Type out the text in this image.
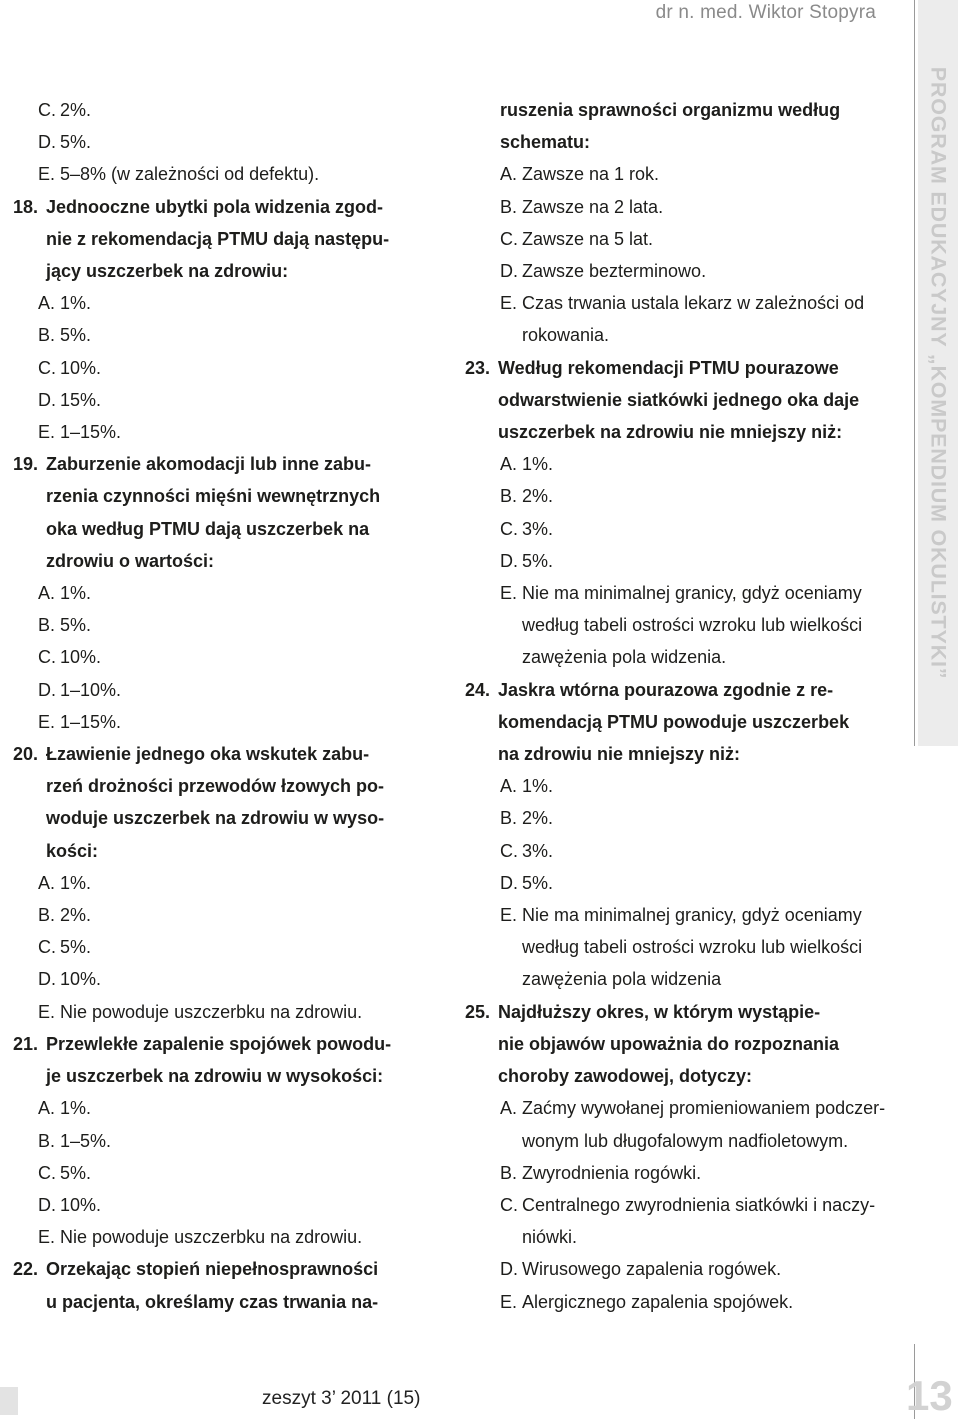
dr n. med. Wiktor Stopyra
PROGRAM EDUKACYJNY „KOMPENDIUM OKULISTYKI”
C. 2%.
D. 5%.
E. 5–8% (w zależności od defektu).
18. Jednooczne ubytki pola widzenia zgod-
nie z rekomendacją PTMU dają następu-
jący uszczerbek na zdrowiu:
A. 1%.
B. 5%.
C. 10%.
D. 15%.
E. 1–15%.
19. Zaburzenie akomodacji lub inne zabu-
rzenia czynności mięśni wewnętrznych
oka według PTMU dają uszczerbek na
zdrowiu o wartości:
A. 1%.
B. 5%.
C. 10%.
D. 1–10%.
E. 1–15%.
20. Łzawienie jednego oka wskutek zabu-
rzeń drożności przewodów łzowych po-
woduje uszczerbek na zdrowiu w wyso-
kości:
A. 1%.
B. 2%.
C. 5%.
D. 10%.
E. Nie powoduje uszczerbku na zdrowiu.
21. Przewlekłe zapalenie spojówek powodu-
je uszczerbek na zdrowiu w wysokości:
A. 1%.
B. 1–5%.
C. 5%.
D. 10%.
E. Nie powoduje uszczerbku na zdrowiu.
22. Orzekając stopień niepełnosprawności
u pacjenta, określamy czas trwania na-
ruszenia sprawności organizmu według
schematu:
A. Zawsze na 1 rok.
B. Zawsze na 2 lata.
C. Zawsze na 5 lat.
D. Zawsze bezterminowo.
E. Czas trwania ustala lekarz w zależności od
rokowania.
23. Według rekomendacji PTMU pourazowe
odwarstwienie siatkówki jednego oka daje
uszczerbek na zdrowiu nie mniejszy niż:
A. 1%.
B. 2%.
C. 3%.
D. 5%.
E. Nie ma minimalnej granicy, gdyż oceniamy
według tabeli ostrości wzroku lub wielkości
zawężenia pola widzenia.
24. Jaskra wtórna pourazowa zgodnie z re-
komendacją PTMU powoduje uszczerbek
na zdrowiu nie mniejszy niż:
A. 1%.
B. 2%.
C. 3%.
D. 5%.
E. Nie ma minimalnej granicy, gdyż oceniamy
według tabeli ostrości wzroku lub wielkości
zawężenia pola widzenia
25. Najdłuższy okres, w którym wystąpie-
nie objawów upoważnia do rozpoznania
choroby zawodowej, dotyczy:
A. Zaćmy wywołanej promieniowaniem podczer-
wonym lub długofalowym nadfioletowym.
B. Zwyrodnienia rogówki.
C. Centralnego zwyrodnienia siatkówki i naczy-
niówki.
D. Wirusowego zapalenia rogówek.
E. Alergicznego zapalenia spojówek.
zeszyt 3’ 2011 (15)	13
